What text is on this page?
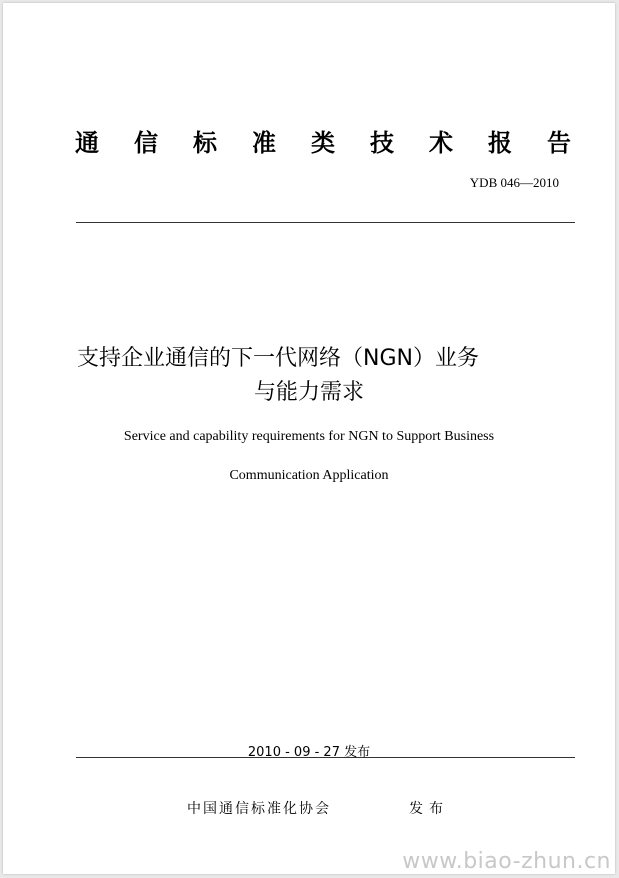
通 信 标 准 类 技 术 报 告
YDB 046—2010
支持企业通信的下一代网络（NGN）业务
与能力需求
Service and capability requirements for NGN to Support Business
Communication Application
2010 - 09 - 27 发布
中国通信标准化协会	发布
www.biao-zhun.cn
